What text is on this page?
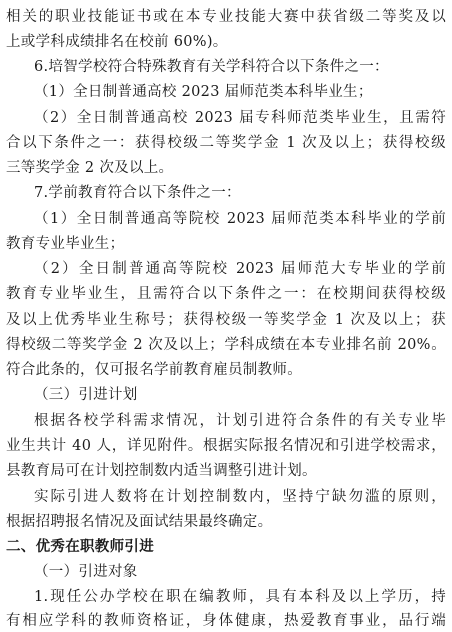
相关的职业技能证书或在本专业技能大赛中获省级二等奖及以
上或学科成绩排名在校前 60%)。
6.培智学校符合特殊教育有关学科符合以下条件之一：
（1）全日制普通高校 2023 届师范类本科毕业生；
（2）全日制普通高校 2023 届专科师范类毕业生，且需符
合以下条件之一：获得校级二等奖学金 1 次及以上；获得校级
三等奖学金 2 次及以上。
7.学前教育符合以下条件之一：
（1）全日制普通高等院校 2023 届师范类本科毕业的学前
教育专业毕业生；
（2）全日制普通高等院校 2023 届师范大专毕业的学前
教育专业毕业生，且需符合以下条件之一：在校期间获得校级
及以上优秀毕业生称号；获得校级一等奖学金 1 次及以上；获
得校级二等奖学金 2 次及以上；学科成绩在本专业排名前 20%。
符合此条的，仅可报名学前教育雇员制教师。
（三）引进计划
根据各校学科需求情况，计划引进符合条件的有关专业毕
业生共计 40 人，详见附件。根据实际报名情况和引进学校需求，
县教育局可在计划控制数内适当调整引进计划。
实际引进人数将在计划控制数内，坚持宁缺勿滥的原则，
根据招聘报名情况及面试结果最终确定。
二、优秀在职教师引进
（一）引进对象
1.现任公办学校在职在编教师，具有本科及以上学历，持
有相应学科的教师资格证，身体健康，热爱教育事业，品行端
